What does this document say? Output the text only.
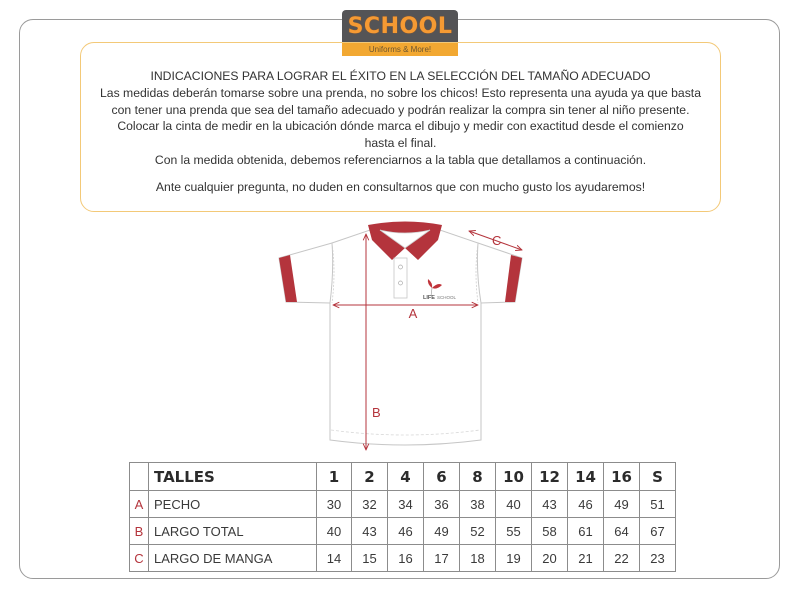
SCHOOL
Uniforms & More!

INDICACIONES PARA LOGRAR EL ÉXITO EN LA SELECCIÓN DEL TAMAÑO ADECUADO

Las medidas deberán tomarse sobre una prenda, no sobre los chicos! Esto representa una ayuda ya que basta

con tener una prenda que sea del tamaño adecuado y podrán realizar la compra sin tener al niño presente.

Colocar la cinta de medir en la ubicación dónde marca el dibujo y medir con exactitud desde el comienzo

hasta el final.

Con la medida obtenida, debemos referenciarnos a la tabla que detallamos a continuación.

Ante cualquier pregunta, no duden en consultarnos que con mucho gusto los ayudaremos!

LIFE SCHOOL
A
B
C
	TALLES	1	2	4	6	8	10	12	14	16	S
A	PECHO	30	32	34	36	38	40	43	46	49	51
B	LARGO TOTAL	40	43	46	49	52	55	58	61	64	67
C	LARGO DE MANGA	14	15	16	17	18	19	20	21	22	23
